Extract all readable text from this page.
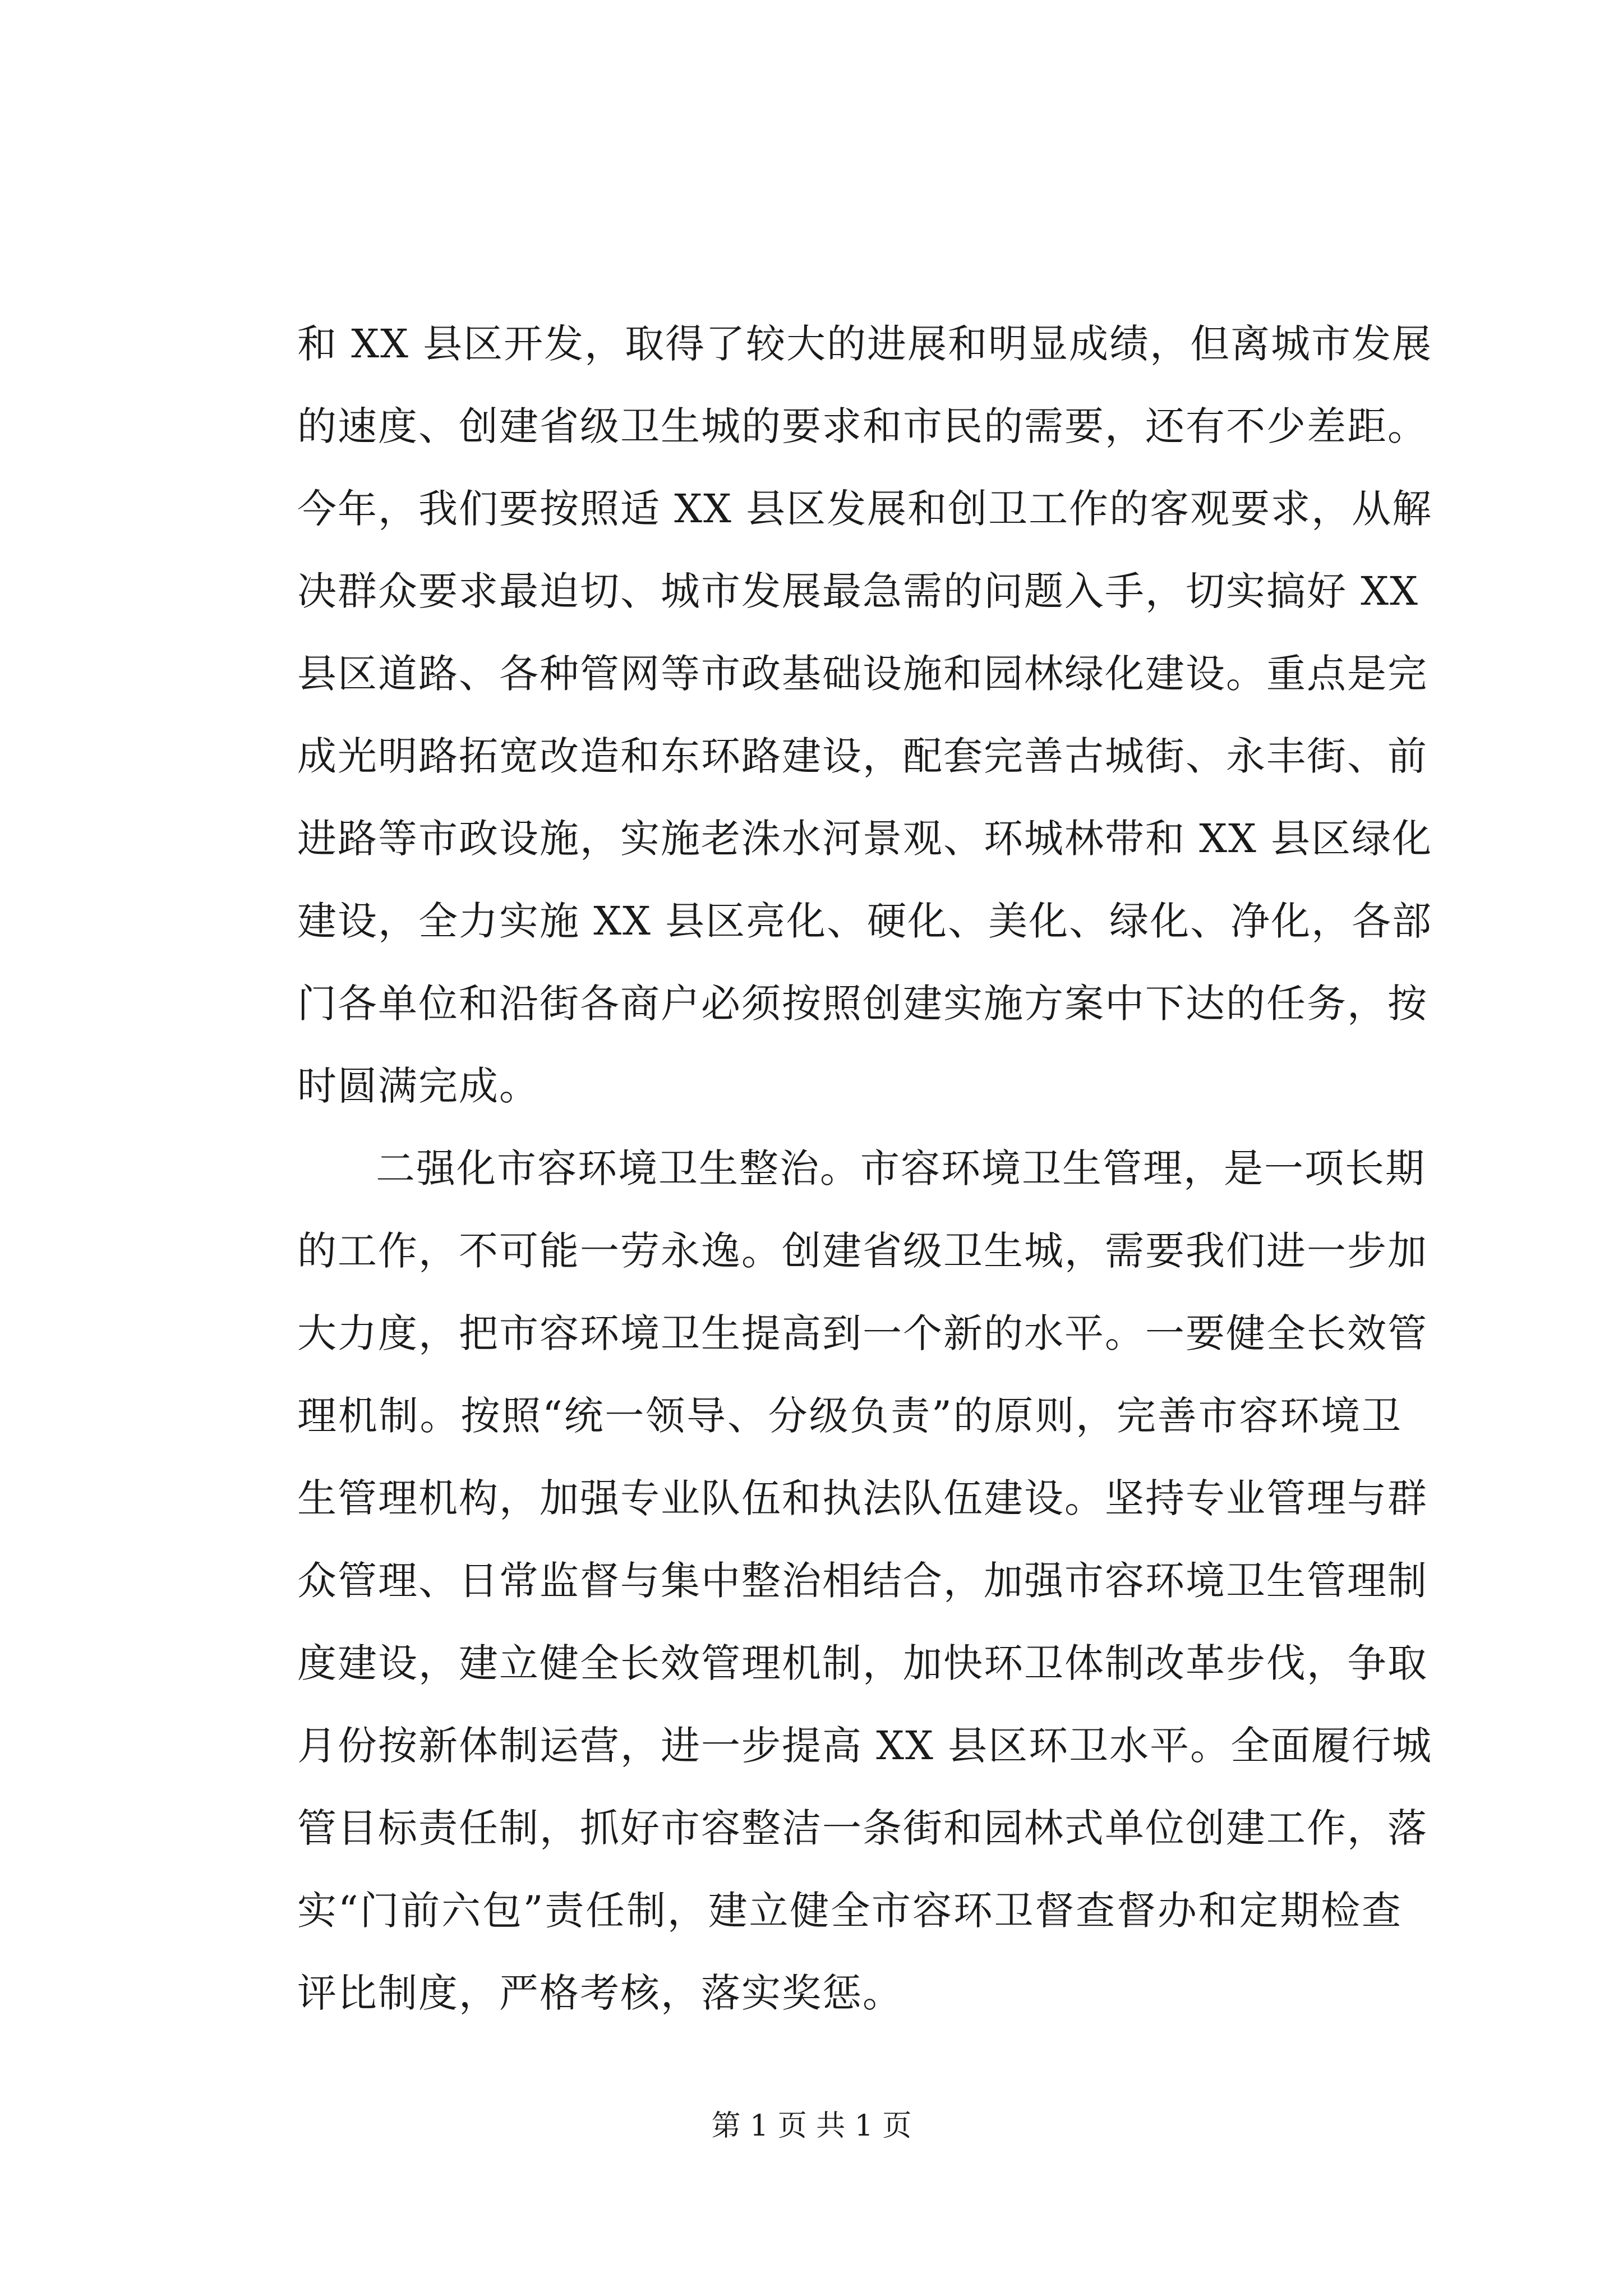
和 XX 县区开发，取得了较大的进展和明显成绩，但离城市发展
的速度、创建省级卫生城的要求和市民的需要，还有不少差距。
今年，我们要按照适 XX 县区发展和创卫工作的客观要求，从解
决群众要求最迫切、城市发展最急需的问题入手，切实搞好 XX
县区道路、各种管网等市政基础设施和园林绿化建设。重点是完
成光明路拓宽改造和东环路建设，配套完善古城街、永丰街、前
进路等市政设施，实施老洙水河景观、环城林带和 XX 县区绿化
建设，全力实施 XX 县区亮化、硬化、美化、绿化、净化，各部
门各单位和沿街各商户必须按照创建实施方案中下达的任务，按
时圆满完成。
二强化市容环境卫生整治。市容环境卫生管理，是一项长期
的工作，不可能一劳永逸。创建省级卫生城，需要我们进一步加
大力度，把市容环境卫生提高到一个新的水平。一要健全长效管
理机制。按照“统一领导、分级负责”的原则，完善市容环境卫
生管理机构，加强专业队伍和执法队伍建设。坚持专业管理与群
众管理、日常监督与集中整治相结合，加强市容环境卫生管理制
度建设，建立健全长效管理机制，加快环卫体制改革步伐，争取
月份按新体制运营，进一步提高 XX 县区环卫水平。全面履行城
管目标责任制，抓好市容整洁一条街和园林式单位创建工作，落
实“门前六包”责任制，建立健全市容环卫督查督办和定期检查
评比制度，严格考核，落实奖惩。
第 1 页 共 1 页
